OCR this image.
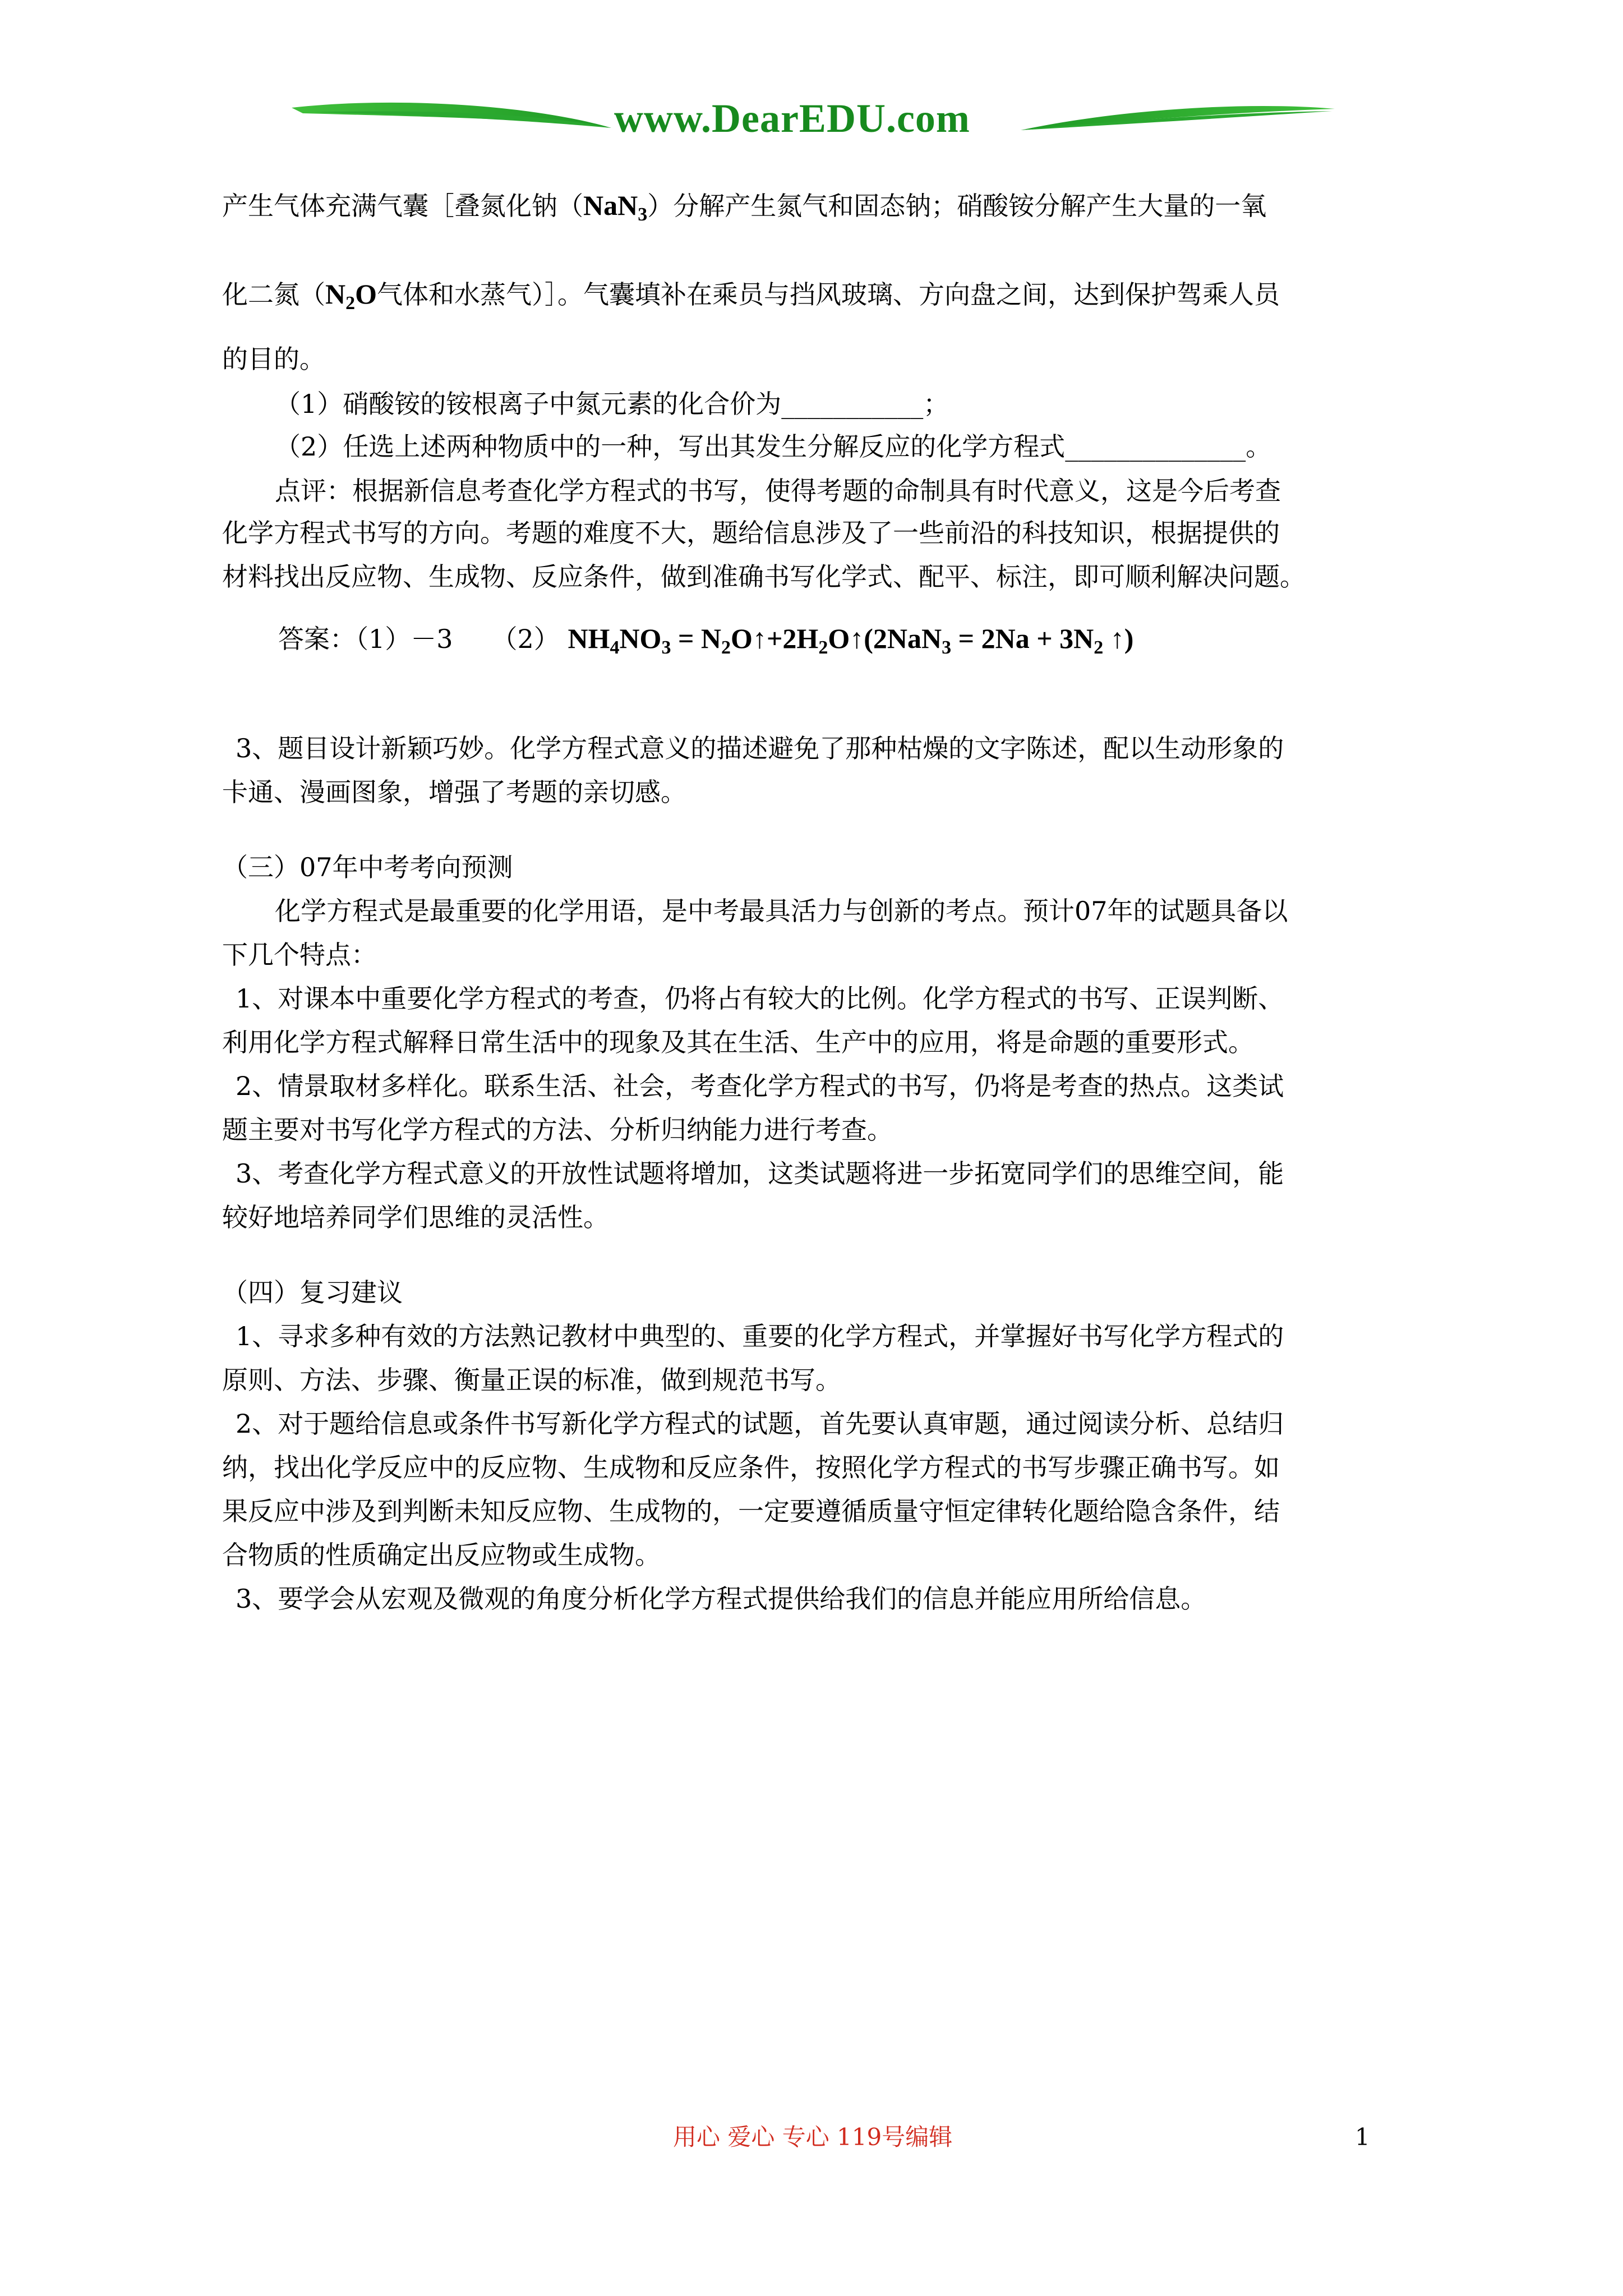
www.DearEDU.com
产生气体充满气囊［叠氮化钠（NaN$_3$）分解产生氮气和固态钠；硝酸铵分解产生大量的一氧
化二氮（$N_2O$气体和水蒸气）］。气囊填补在乘员与挡风玻璃、方向盘之间，达到保护驾乘人员
的目的。
（1）硝酸铵的铵根离子中氮元素的化合价为___________；
（2）任选上述两种物质中的一种，写出其发生分解反应的化学方程式______________。
点评：根据新信息考查化学方程式的书写，使得考题的命制具有时代意义，这是今后考查
化学方程式书写的方向。考题的难度不大，题给信息涉及了一些前沿的科技知识，根据提供的
材料找出反应物、生成物、反应条件，做到准确书写化学式、配平、标注，即可顺利解决问题。
答案：（1）－3　　（2） $NH_4NO_3$ = $N_2O↑+2H_2O↑(2NaN_3 = 2Na + 3N_2$ ↑)
3、题目设计新颖巧妙。化学方程式意义的描述避免了那种枯燥的文字陈述，配以生动形象的
卡通、漫画图象，增强了考题的亲切感。
（三）07年中考考向预测
化学方程式是最重要的化学用语，是中考最具活力与创新的考点。预计07年的试题具备以
下几个特点：
1、对课本中重要化学方程式的考查，仍将占有较大的比例。化学方程式的书写、正误判断、
利用化学方程式解释日常生活中的现象及其在生活、生产中的应用，将是命题的重要形式。
2、情景取材多样化。联系生活、社会，考查化学方程式的书写，仍将是考查的热点。这类试
题主要对书写化学方程式的方法、分析归纳能力进行考查。
3、考查化学方程式意义的开放性试题将增加，这类试题将进一步拓宽同学们的思维空间，能
较好地培养同学们思维的灵活性。
（四）复习建议
1、寻求多种有效的方法熟记教材中典型的、重要的化学方程式，并掌握好书写化学方程式的
原则、方法、步骤、衡量正误的标准，做到规范书写。
2、对于题给信息或条件书写新化学方程式的试题，首先要认真审题，通过阅读分析、总结归
纳，找出化学反应中的反应物、生成物和反应条件，按照化学方程式的书写步骤正确书写。如
果反应中涉及到判断未知反应物、生成物的，一定要遵循质量守恒定律转化题给隐含条件，结
合物质的性质确定出反应物或生成物。
3、要学会从宏观及微观的角度分析化学方程式提供给我们的信息并能应用所给信息。
用心 爱心 专心 119号编辑	1
